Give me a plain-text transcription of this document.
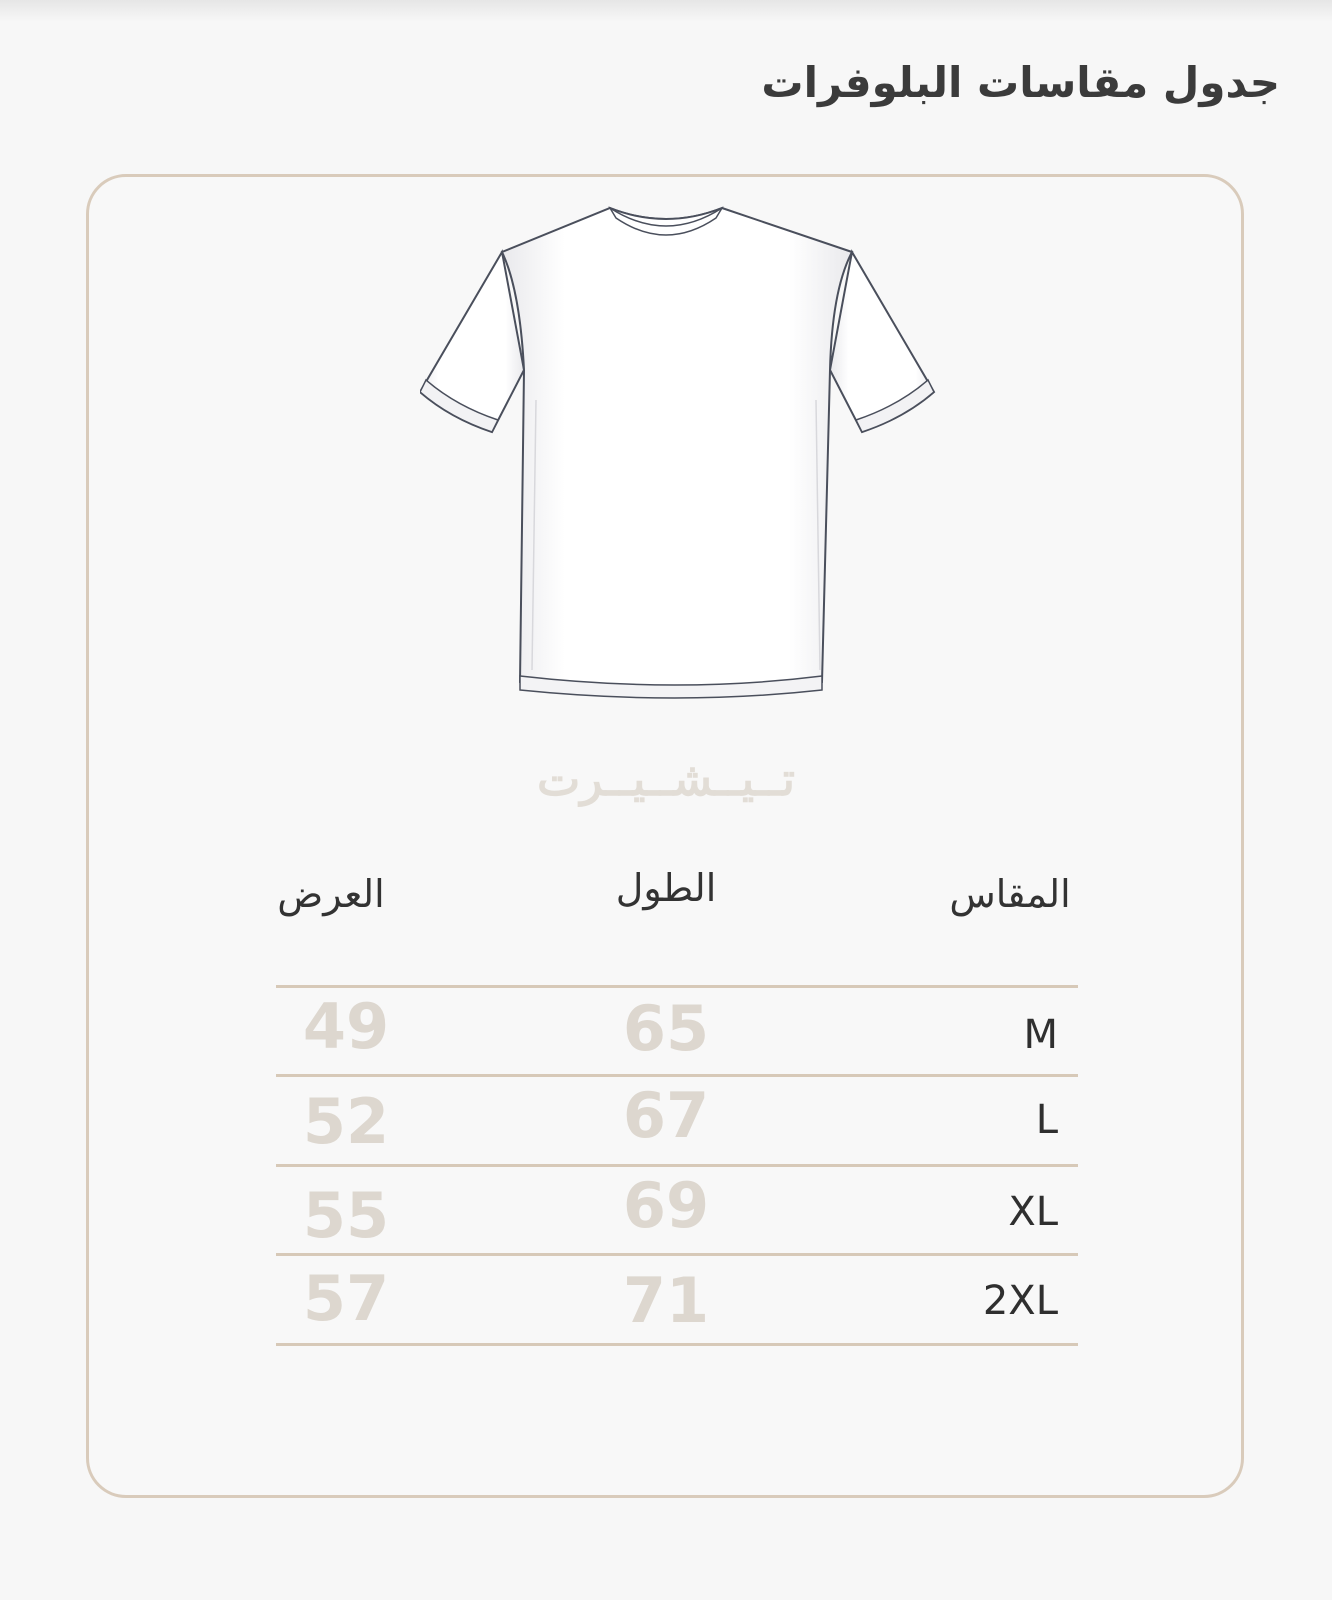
جدول مقاسات البلوفرات
تــيــشــيــرت
المقاس
الطول
العرض
M
65
49
L
67
52
XL
69
55
2XL
71
57
